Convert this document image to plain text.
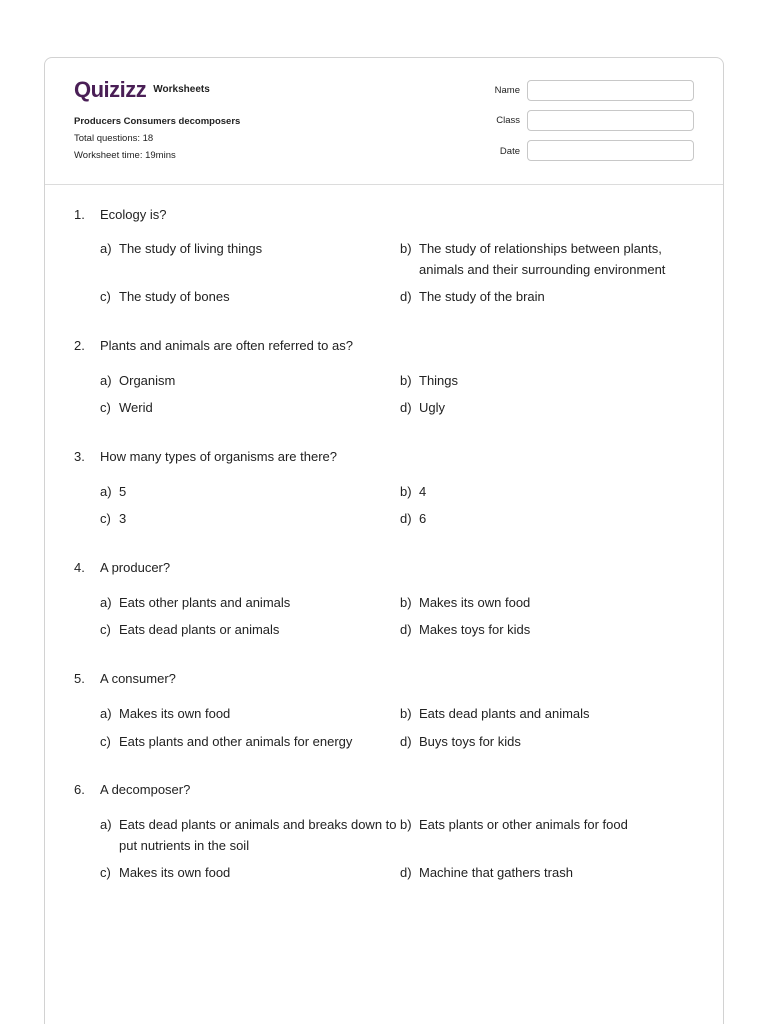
Quizizz Worksheets
Producers Consumers decomposers
Total questions: 18
Worksheet time: 19mins
Name
Class
Date
1. Ecology is?
a) The study of living things	b) The study of relationships between plants, animals and their surrounding environment
c) The study of bones	d) The study of the brain
2. Plants and animals are often referred to as?
a) Organism	b) Things
c) Werid	d) Ugly
3. How many types of organisms are there?
a) 5	b) 4
c) 3	d) 6
4. A producer?
a) Eats other plants and animals	b) Makes its own food
c) Eats dead plants or animals	d) Makes toys for kids
5. A consumer?
a) Makes its own food	b) Eats dead plants and animals
c) Eats plants and other animals for energy	d) Buys toys for kids
6. A decomposer?
a) Eats dead plants or animals and breaks down to put nutrients in the soil
b) Eats plants or other animals for food
c) Makes its own food	d) Machine that gathers trash
